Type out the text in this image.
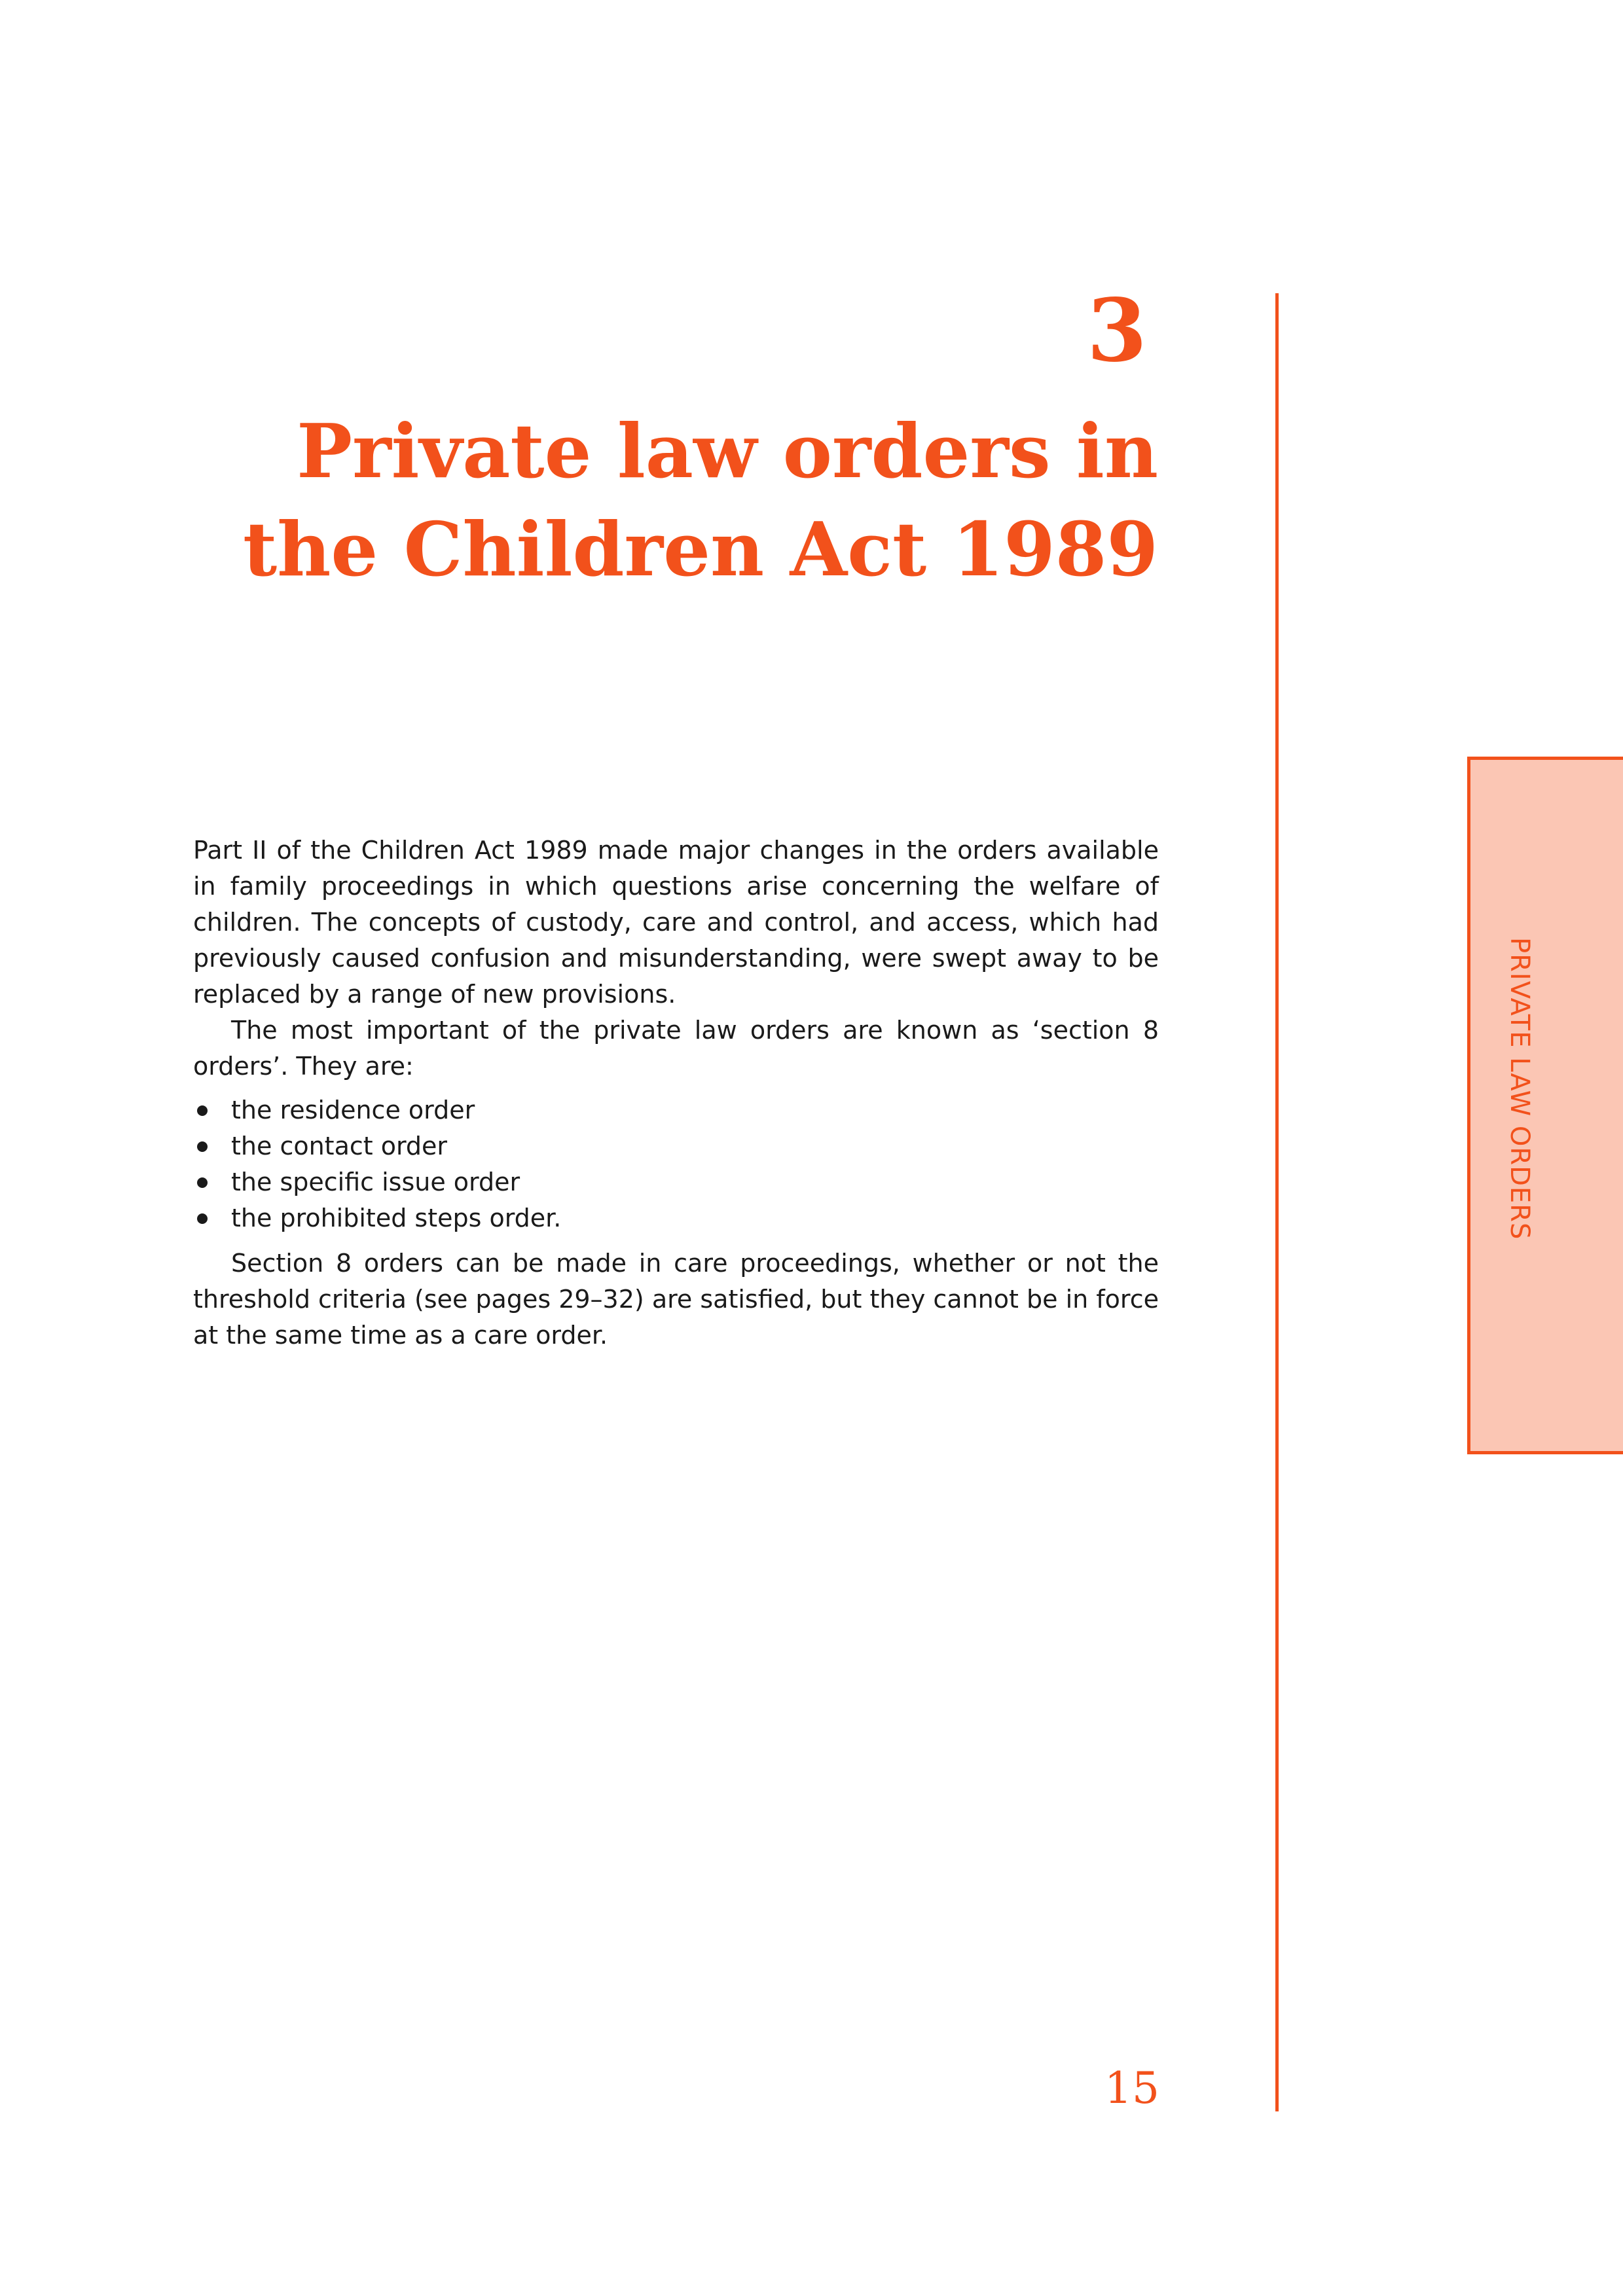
3
Private law orders in the Children Act 1989
PRIVATE LAW ORDERS

Part II of the Children Act 1989 made major changes in the orders available in family proceedings in which questions arise concerning the welfare of children. The concepts of custody, care and control, and access, which had previously caused confusion and misunderstanding, were swept away to be replaced by a range of new provisions.

The most important of the private law orders are known as ‘section 8 orders’. They are:

the residence order
the contact order
the specific issue order
the prohibited steps order.

Section 8 orders can be made in care proceedings, whether or not the threshold criteria (see pages 29–32) are satisfied, but they cannot be in force at the same time as a care order.

15
